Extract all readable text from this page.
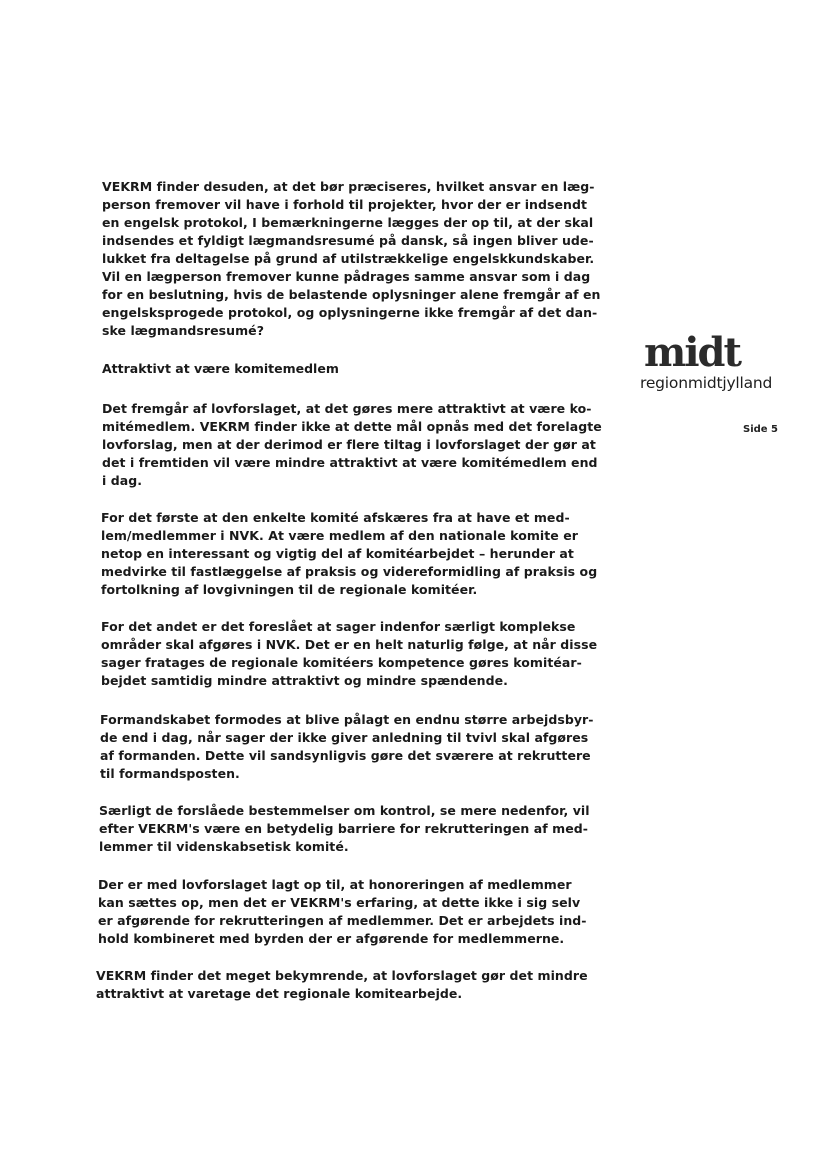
VEKRM finder desuden, at det bør præciseres, hvilket ansvar en læg-
person fremover vil have i forhold til projekter, hvor der er indsendt
en engelsk protokol, I bemærkningerne lægges der op til, at der skal
indsendes et fyldigt lægmandsresumé på dansk, så ingen bliver ude-
lukket fra deltagelse på grund af utilstrækkelige engelskkundskaber.
Vil en lægperson fremover kunne pådrages samme ansvar som i dag
for en beslutning, hvis de belastende oplysninger alene fremgår af en
engelsksprogede protokol, og oplysningerne ikke fremgår af det dan-
ske lægmandsresumé?

Attraktivt at være komitemedlem

Det fremgår af lovforslaget, at det gøres mere attraktivt at være ko-
mitémedlem. VEKRM finder ikke at dette mål opnås med det forelagte
lovforslag, men at der derimod er flere tiltag i lovforslaget der gør at
det i fremtiden vil være mindre attraktivt at være komitémedlem end
i dag.

For det første at den enkelte komité afskæres fra at have et med-
lem/medlemmer i NVK. At være medlem af den nationale komite er
netop en interessant og vigtig del af komitéarbejdet – herunder at
medvirke til fastlæggelse af praksis og videreformidling af praksis og
fortolkning af lovgivningen til de regionale komitéer.

For det andet er det foreslået at sager indenfor særligt komplekse
områder skal afgøres i NVK. Det er en helt naturlig følge, at når disse
sager fratages de regionale komitéers kompetence gøres komitéar-
bejdet samtidig mindre attraktivt og mindre spændende.

Formandskabet formodes at blive pålagt en endnu større arbejdsbyr-
de end i dag, når sager der ikke giver anledning til tvivl skal afgøres
af formanden. Dette vil sandsynligvis gøre det sværere at rekruttere
til formandsposten.

Særligt de forslåede bestemmelser om kontrol, se mere nedenfor, vil
efter VEKRM's være en betydelig barriere for rekrutteringen af med-
lemmer til videnskabsetisk komité.

Der er med lovforslaget lagt op til, at honoreringen af medlemmer
kan sættes op, men det er VEKRM's erfaring, at dette ikke i sig selv
er afgørende for rekrutteringen af medlemmer. Det er arbejdets ind-
hold kombineret med byrden der er afgørende for medlemmerne.

VEKRM finder det meget bekymrende, at lovforslaget gør det mindre
attraktivt at varetage det regionale komitearbejde.

midt
regionmidtjylland
Side 5
